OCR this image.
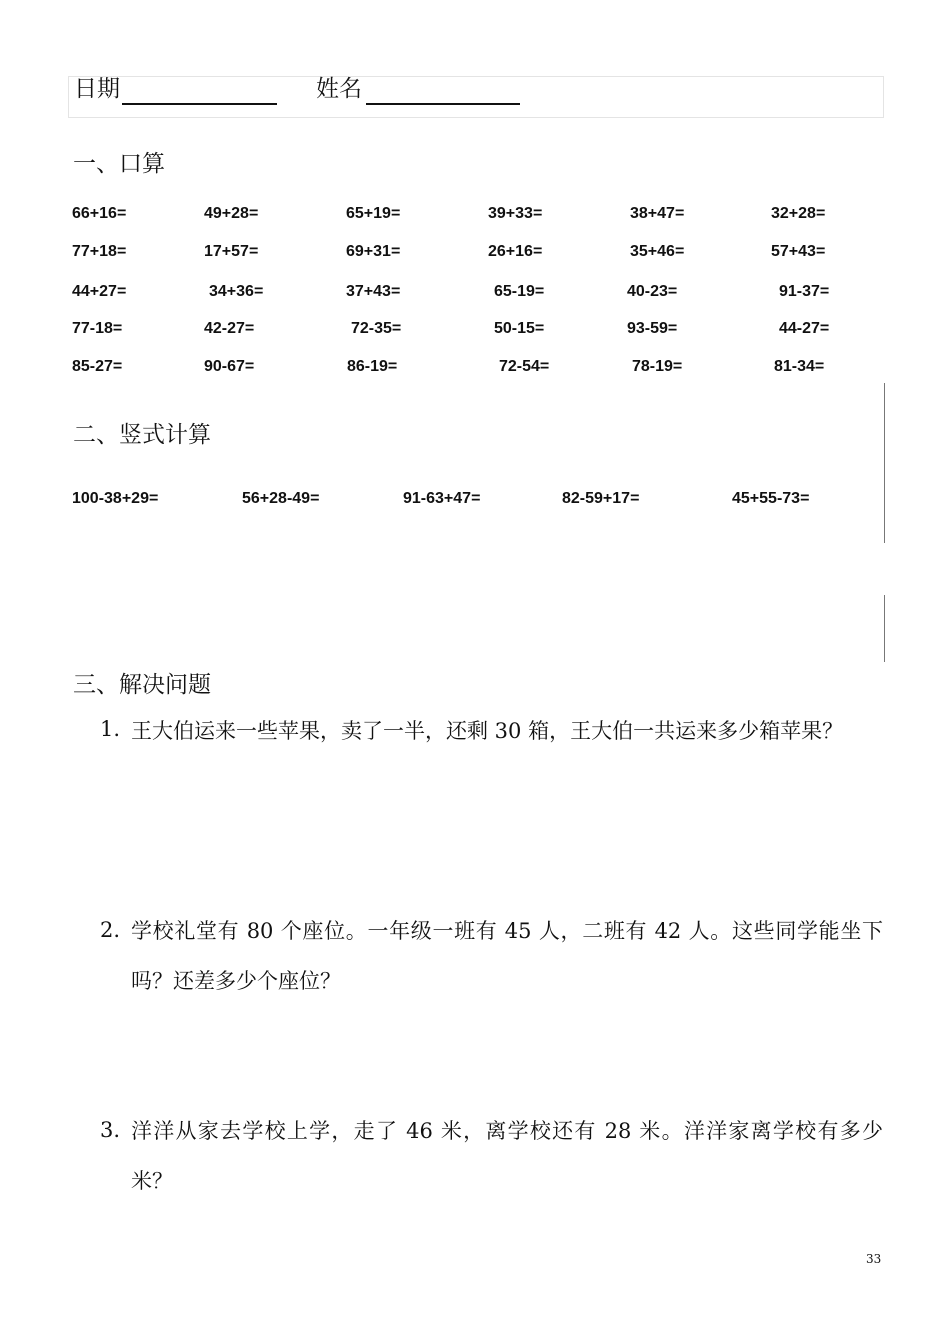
日期	姓名
一、口算
66+16=	49+28=	65+19=	39+33=	38+47=	32+28=
77+18=	17+57=	69+31=	26+16=	35+46=	57+43=
44+27=	34+36=	37+43=	65-19=	40-23=	91-37=
77-18=	42-27=	72-35=	50-15=	93-59=	44-27=
85-27=	90-67=	86-19=	72-54=	78-19=	81-34=
二、竖式计算
100-38+29=	56+28-49=	91-63+47=	82-59+17=	45+55-73=
三、解决问题
1. 王大伯运来一些苹果，卖了一半，还剩 30 箱，王大伯一共运来多少箱苹果？
2. 学校礼堂有 80 个座位。一年级一班有 45 人，二班有 42 人。这些同学能坐下吗？还差多少个座位？
3. 洋洋从家去学校上学，走了 46 米，离学校还有 28 米。洋洋家离学校有多少米？
33
